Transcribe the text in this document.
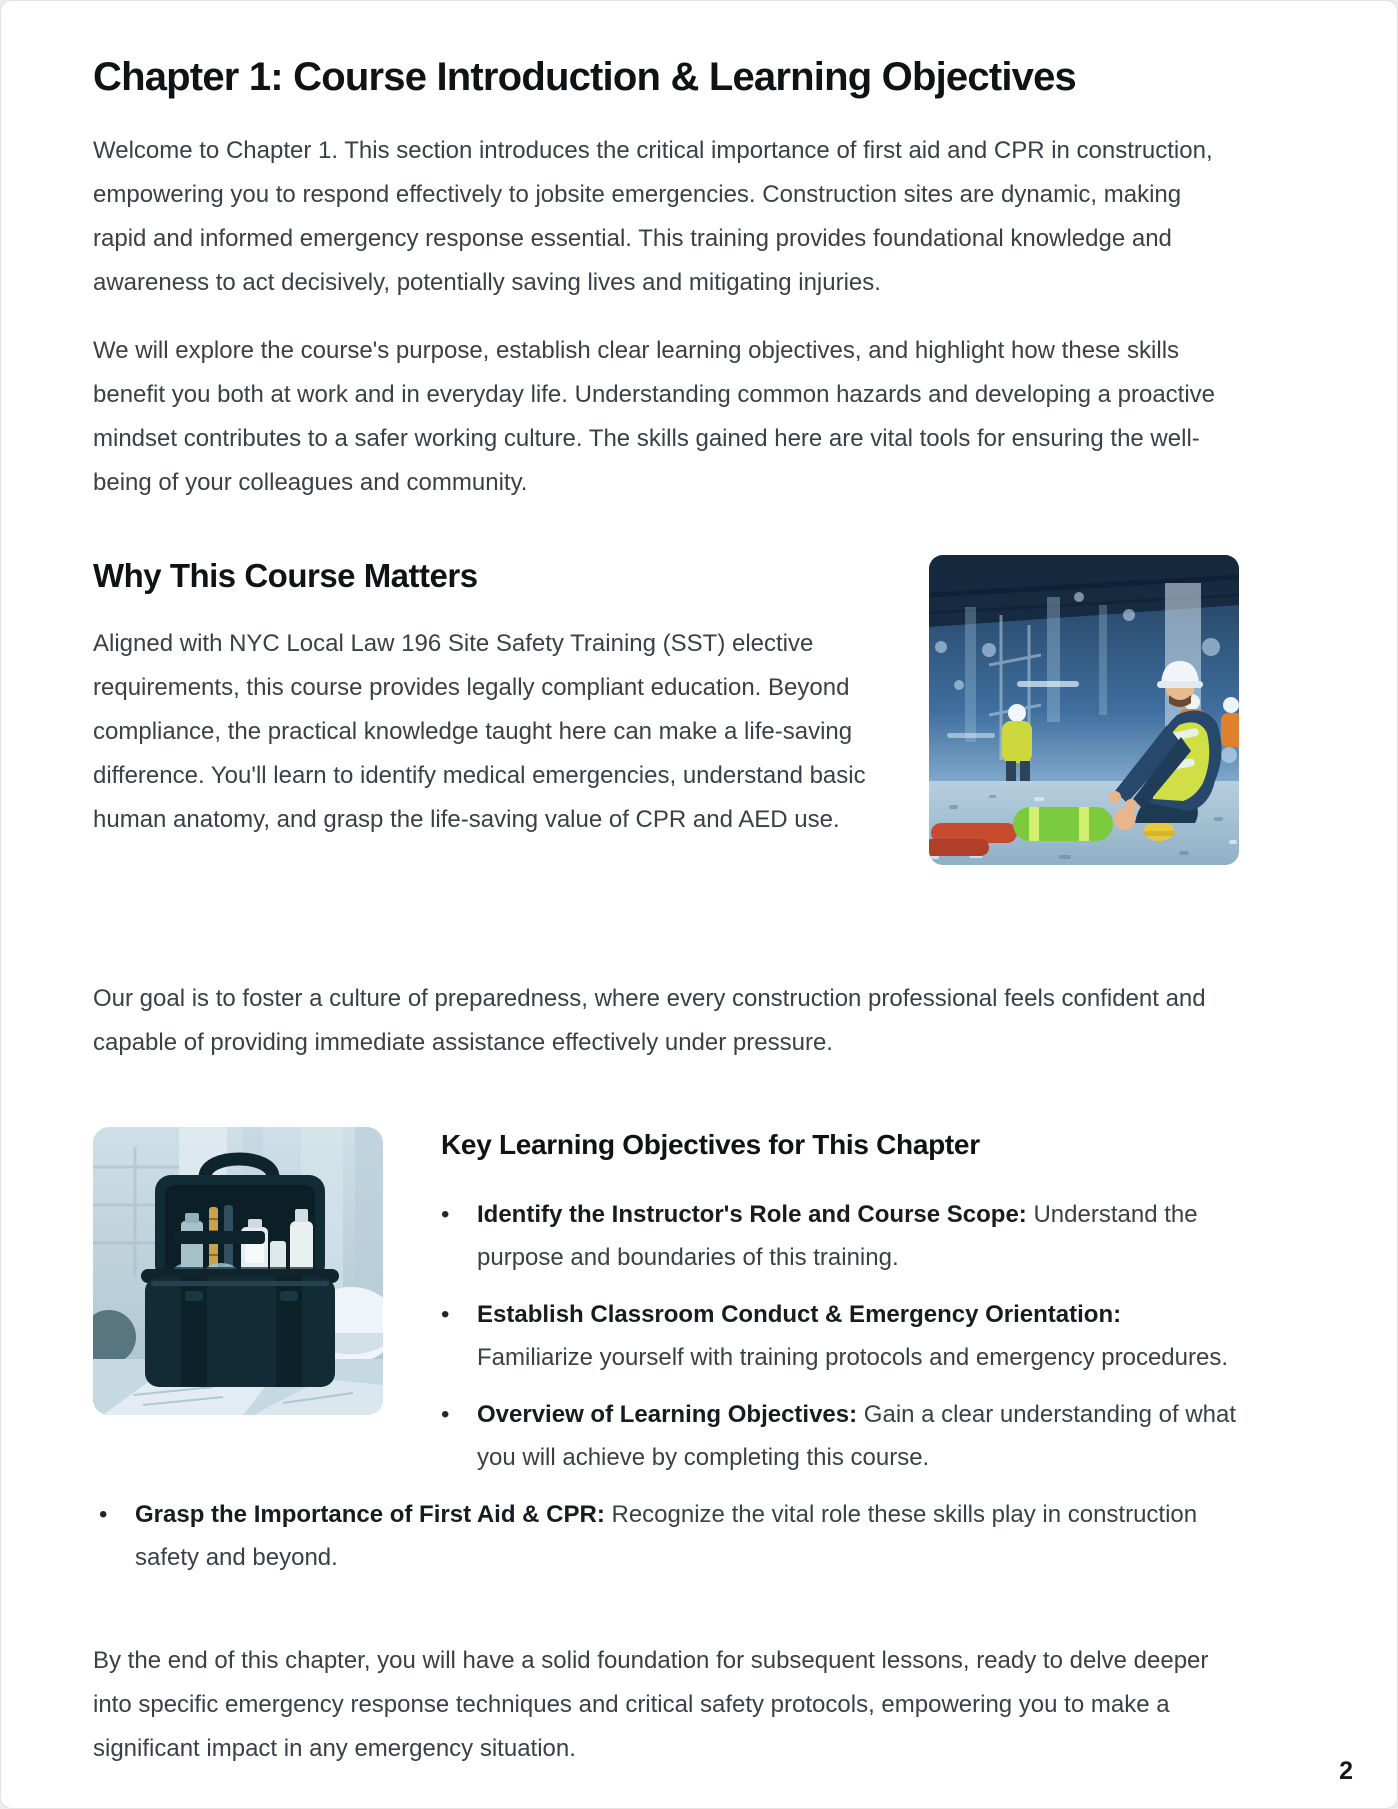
Chapter 1: Course Introduction & Learning Objectives

Welcome to Chapter 1. This section introduces the critical importance of first aid and CPR in construction, empowering you to respond effectively to jobsite emergencies. Construction sites are dynamic, making rapid and informed emergency response essential. This training provides foundational knowledge and awareness to act decisively, potentially saving lives and mitigating injuries.

We will explore the course's purpose, establish clear learning objectives, and highlight how these skills benefit you both at work and in everyday life. Understanding common hazards and developing a proactive mindset contributes to a safer working culture. The skills gained here are vital tools for ensuring the well-being of your colleagues and community.

Why This Course Matters

Aligned with NYC Local Law 196 Site Safety Training (SST) elective requirements, this course provides legally compliant education. Beyond compliance, the practical knowledge taught here can make a life-saving difference. You'll learn to identify medical emergencies, understand basic human anatomy, and grasp the life-saving value of CPR and AED use.

Our goal is to foster a culture of preparedness, where every construction professional feels confident and capable of providing immediate assistance effectively under pressure.

Key Learning Objectives for This Chapter
•	Identify the Instructor's Role and Course Scope: Understand the purpose and boundaries of this training.
•	Establish Classroom Conduct & Emergency Orientation: Familiarize yourself with training protocols and emergency procedures.
•	Overview of Learning Objectives: Gain a clear understanding of what you will achieve by completing this course.
•	Grasp the Importance of First Aid & CPR: Recognize the vital role these skills play in construction safety and beyond.

By the end of this chapter, you will have a solid foundation for subsequent lessons, ready to delve deeper into specific emergency response techniques and critical safety protocols, empowering you to make a significant impact in any emergency situation.

2
